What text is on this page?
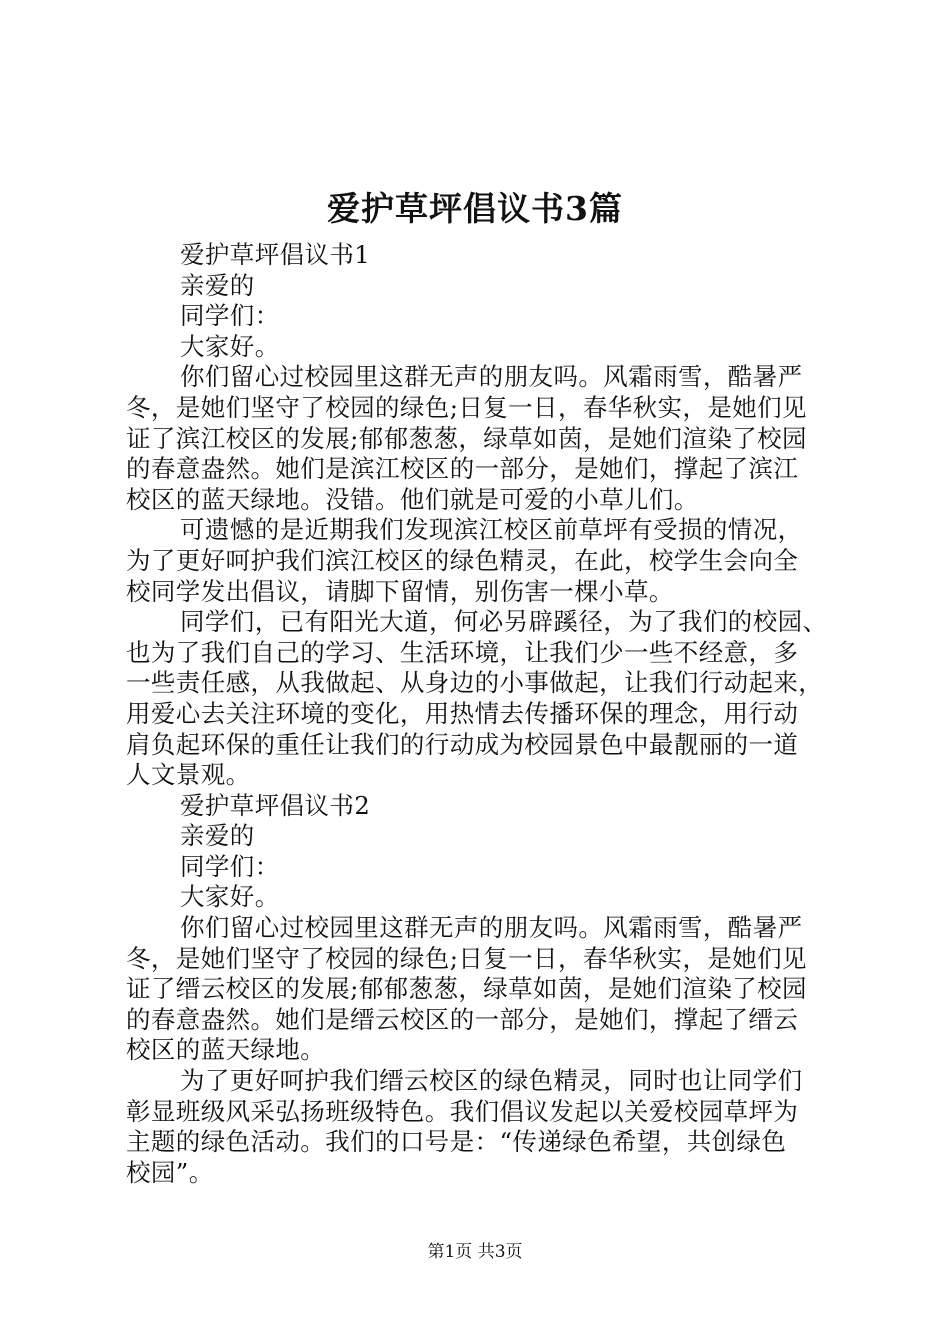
爱护草坪倡议书3篇
爱护草坪倡议书1
亲爱的
同学们：
大家好。
你们留心过校园里这群无声的朋友吗。风霜雨雪，酷暑严
冬，是她们坚守了校园的绿色;日复一日，春华秋实，是她们见
证了滨江校区的发展;郁郁葱葱，绿草如茵，是她们渲染了校园
的春意盎然。她们是滨江校区的一部分，是她们，撑起了滨江
校区的蓝天绿地。没错。他们就是可爱的小草儿们。
可遗憾的是近期我们发现滨江校区前草坪有受损的情况，
为了更好呵护我们滨江校区的绿色精灵，在此，校学生会向全
校同学发出倡议，请脚下留情，别伤害一棵小草。
同学们，已有阳光大道，何必另辟蹊径，为了我们的校园、
也为了我们自己的学习、生活环境，让我们少一些不经意，多
一些责任感，从我做起、从身边的小事做起，让我们行动起来，
用爱心去关注环境的变化，用热情去传播环保的理念，用行动
肩负起环保的重任让我们的行动成为校园景色中最靓丽的一道
人文景观。
爱护草坪倡议书2
亲爱的
同学们：
大家好。
你们留心过校园里这群无声的朋友吗。风霜雨雪，酷暑严
冬，是她们坚守了校园的绿色;日复一日，春华秋实，是她们见
证了缙云校区的发展;郁郁葱葱，绿草如茵，是她们渲染了校园
的春意盎然。她们是缙云校区的一部分，是她们，撑起了缙云
校区的蓝天绿地。
为了更好呵护我们缙云校区的绿色精灵，同时也让同学们
彰显班级风采弘扬班级特色。我们倡议发起以关爱校园草坪为
主题的绿色活动。我们的口号是：“传递绿色希望，共创绿色
校园”。
第1页 共3页
